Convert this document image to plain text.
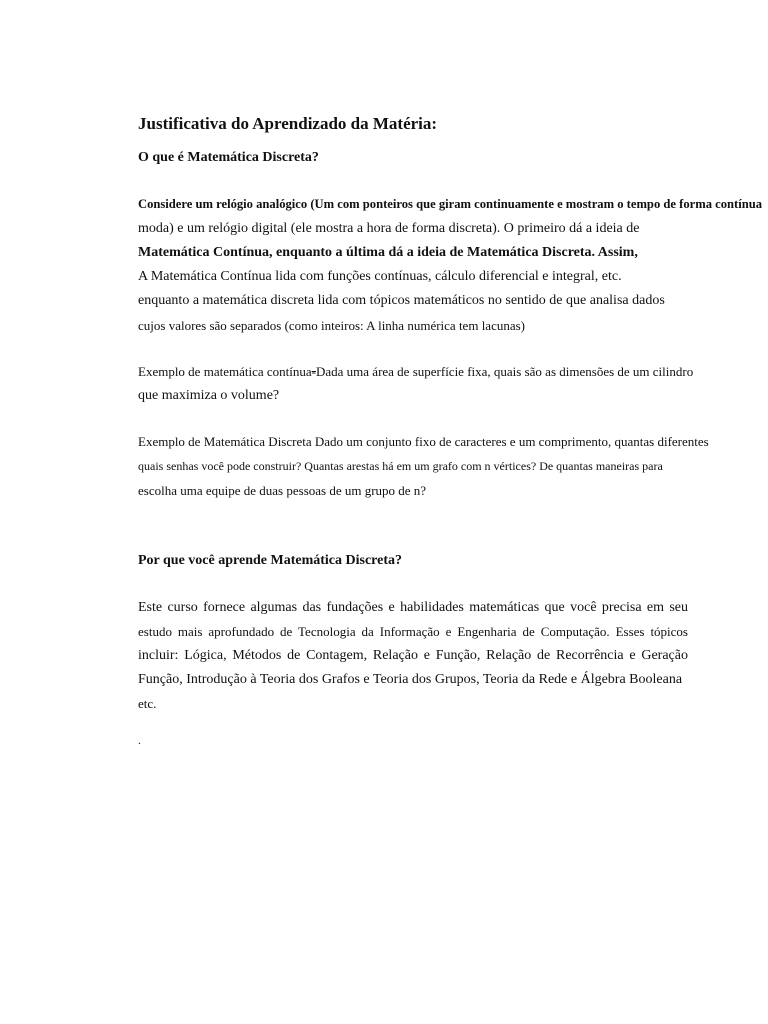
Justificativa do Aprendizado da Matéria:
O que é Matemática Discreta?

Considere um relógio analógico (Um com ponteiros que giram continuamente e mostram o tempo de forma contínua

moda) e um relógio digital (ele mostra a hora de forma discreta). O primeiro dá a ideia de

Matemática Contínua, enquanto a última dá a ideia de Matemática Discreta. Assim,

A Matemática Contínua lida com funções contínuas, cálculo diferencial e integral, etc.

enquanto a matemática discreta lida com tópicos matemáticos no sentido de que analisa dados

cujos valores são separados (como inteiros: A linha numérica tem lacunas)

Exemplo de matemática contínua-Dada uma área de superfície fixa, quais são as dimensões de um cilindro

que maximiza o volume?

Exemplo de Matemática Discreta Dado um conjunto fixo de caracteres e um comprimento, quantas diferentes

quais senhas você pode construir? Quantas arestas há em um grafo com n vértices? De quantas maneiras para

escolha uma equipe de duas pessoas de um grupo de n?

Por que você aprende Matemática Discreta?

Este curso fornece algumas das fundações e habilidades matemáticas que você precisa em seu

estudo mais aprofundado de Tecnologia da Informação e Engenharia de Computação. Esses tópicos

incluir: Lógica, Métodos de Contagem, Relação e Função, Relação de Recorrência e Geração

Função, Introdução à Teoria dos Grafos e Teoria dos Grupos, Teoria da Rede e Álgebra Booleana

etc.

.
